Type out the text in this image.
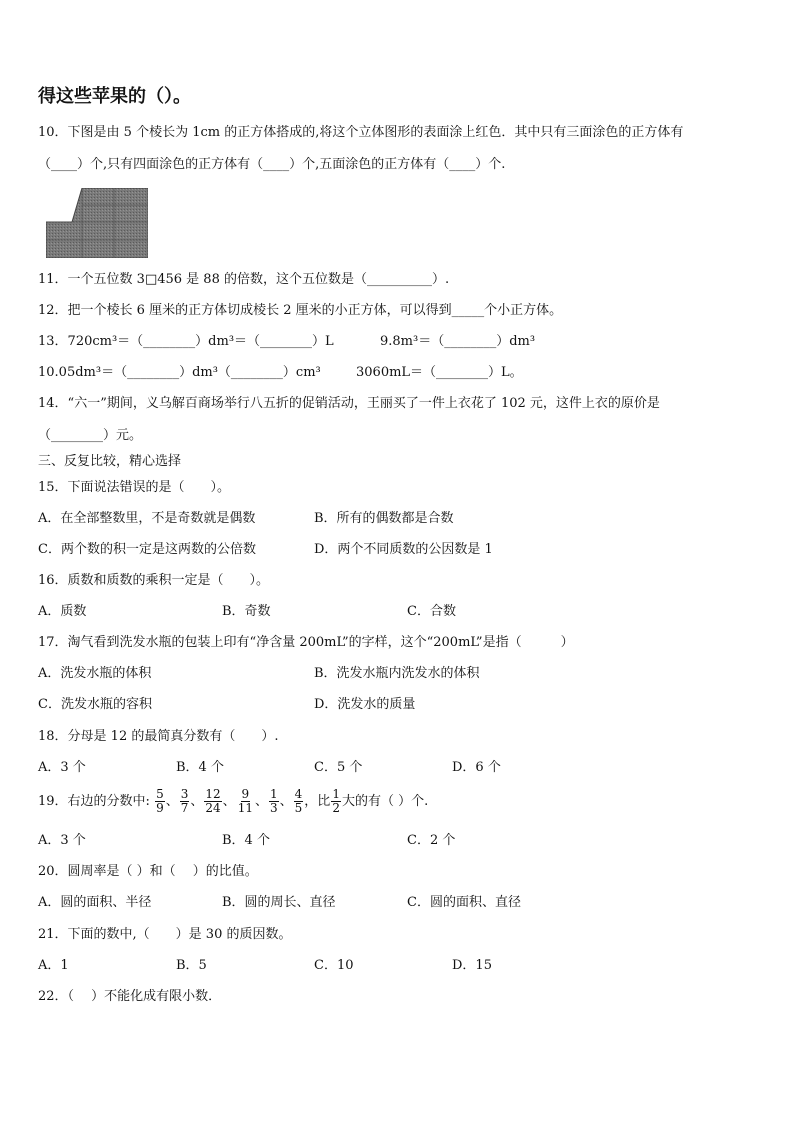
得这些苹果的（）。
10．下图是由 5 个棱长为 1cm 的正方体搭成的,将这个立体图形的表面涂上红色．其中只有三面涂色的正方体有
（____）个,只有四面涂色的正方体有（____）个,五面涂色的正方体有（____）个.
11．一个五位数 3□456 是 88 的倍数，这个五位数是（__________）.
12．把一个棱长 6 厘米的正方体切成棱长 2 厘米的小正方体，可以得到_____个小正方体。
13．720cm³＝（________）dm³＝（________）L	9.8m³＝（________）dm³
10.05dm³＝（________）dm³（________）cm³	3060mL＝（________）L。
14．“六一”期间，义乌解百商场举行八五折的促销活动，王丽买了一件上衣花了 102 元，这件上衣的原价是
（________）元。
三、反复比较，精心选择
15．下面说法错误的是（　　）。
A．在全部整数里，不是奇数就是偶数	B．所有的偶数都是合数
C．两个数的积一定是这两数的公倍数	D．两个不同质数的公因数是 1
16．质数和质数的乘积一定是（　　）。
A．质数	B．奇数	C．合数
17．淘气看到洗发水瓶的包装上印有“净含量 200mL”的字样，这个“200mL”是指（　　　）
A．洗发水瓶的体积	B．洗发水瓶内洗发水的体积
C．洗发水瓶的容积	D．洗发水的质量
18．分母是 12 的最简真分数有（　　）.
A．3 个	B．4 个	C．5 个	D．6 个
19．右边的分数中: $\frac{5}{9}$ 、 $\frac{3}{7}$ 、 $\frac{12}{24}$ 、 $\frac{9}{11}$ 、 $\frac{1}{3}$ 、 $\frac{4}{5}$ ，比 $\frac{1}{2}$ 大的有（ ）个.
A．3 个	B．4 个	C．2 个
20．圆周率是（ ）和（　 ）的比值。
A．圆的面积、半径	B．圆的周长、直径	C．圆的面积、直径
21．下面的数中,（　　）是 30 的质因数。
A．1	B．5	C．10	D．15
22．（　 ）不能化成有限小数．
